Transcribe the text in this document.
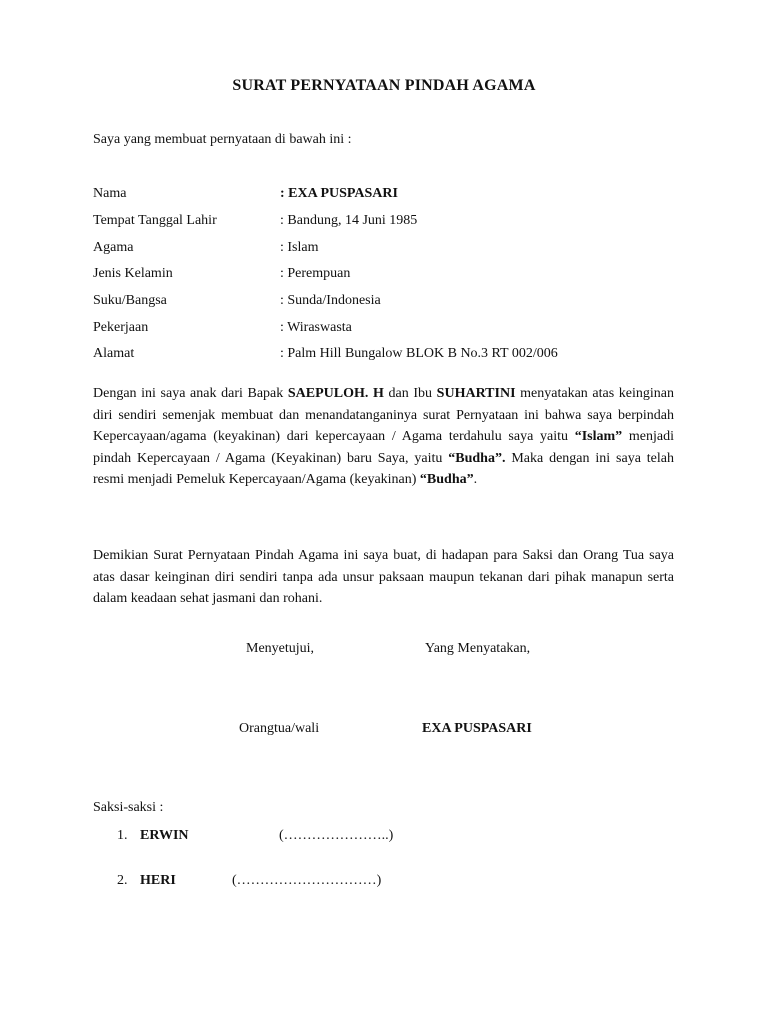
SURAT PERNYATAAN PINDAH AGAMA
Saya yang membuat pernyataan di bawah ini :
Nama	: EXA PUSPASARI
Tempat Tanggal Lahir	: Bandung, 14 Juni 1985
Agama	: Islam
Jenis Kelamin	: Perempuan
Suku/Bangsa	: Sunda/Indonesia
Pekerjaan	: Wiraswasta
Alamat	: Palm Hill Bungalow BLOK B No.3 RT 002/006

Dengan ini saya anak dari Bapak SAEPULOH. H dan Ibu SUHARTINI menyatakan atas keinginan diri sendiri semenjak membuat dan menandatanganinya surat Pernyataan ini bahwa saya berpindah Kepercayaan/agama (keyakinan) dari kepercayaan / Agama terdahulu saya yaitu “Islam” menjadi pindah Kepercayaan / Agama (Keyakinan) baru Saya, yaitu “Budha”. Maka dengan ini saya telah resmi menjadi Pemeluk Kepercayaan/Agama (keyakinan) “Budha”.

Demikian Surat Pernyataan Pindah Agama ini saya buat, di hadapan para Saksi dan Orang Tua saya atas dasar keinginan diri sendiri tanpa ada unsur paksaan maupun tekanan dari pihak manapun serta dalam keadaan sehat jasmani dan rohani.

Menyetujui,	Yang Menyatakan,
Orangtua/wali	EXA PUSPASARI
Saksi-saksi :
1. ERWIN	(…………………..)
2. HERI	(…………………………)
